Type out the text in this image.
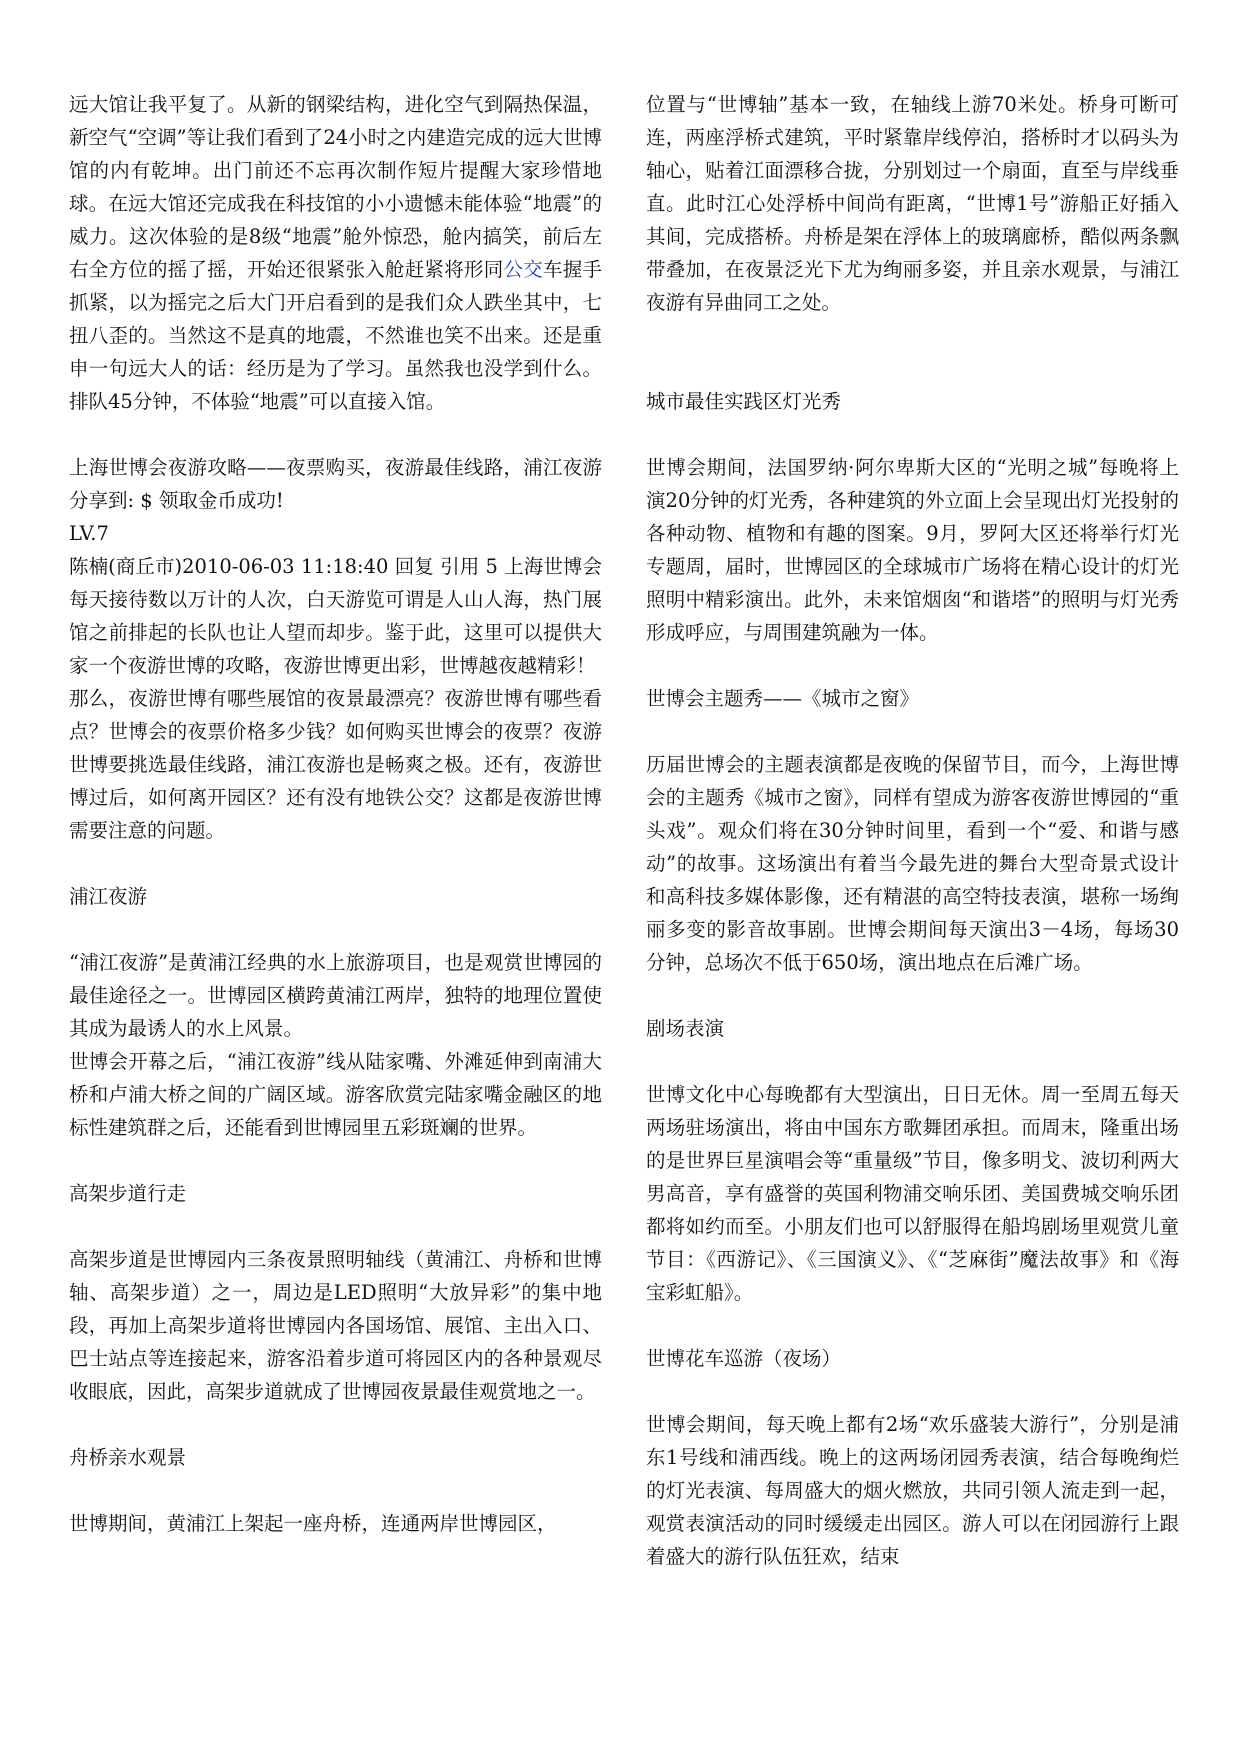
远大馆让我平复了。从新的钢梁结构，进化空气到隔热保温，新空气“空调”等让我们看到了24小时之内建造完成的远大世博馆的内有乾坤。出门前还不忘再次制作短片提醒大家珍惜地球。在远大馆还完成我在科技馆的小小遗憾未能体验“地震”的威力。这次体验的是8级“地震”舱外惊恐，舱内搞笑，前后左右全方位的摇了摇，开始还很紧张入舱赶紧将形同公交车握手抓紧，以为摇完之后大门开启看到的是我们众人跌坐其中，七扭八歪的。当然这不是真的地震，不然谁也笑不出来。还是重申一句远大人的话：经历是为了学习。虽然我也没学到什么。排队45分钟，不体验“地震”可以直接入馆。

上海世博会夜游攻略——夜票购买，夜游最佳线路，浦江夜游 分享到: $ 领取金币成功!

LV.7

陈楠(商丘市)2010-06-03 11:18:40 回复 引用 5 上海世博会每天接待数以万计的人次，白天游览可谓是人山人海，热门展馆之前排起的长队也让人望而却步。鉴于此，这里可以提供大家一个夜游世博的攻略，夜游世博更出彩，世博越夜越精彩！

那么，夜游世博有哪些展馆的夜景最漂亮？夜游世博有哪些看点？世博会的夜票价格多少钱？如何购买世博会的夜票？夜游世博要挑选最佳线路，浦江夜游也是畅爽之极。还有，夜游世博过后，如何离开园区？还有没有地铁公交？这都是夜游世博需要注意的问题。

浦江夜游

“浦江夜游”是黄浦江经典的水上旅游项目，也是观赏世博园的最佳途径之一。世博园区横跨黄浦江两岸，独特的地理位置使其成为最诱人的水上风景。

世博会开幕之后，“浦江夜游”线从陆家嘴、外滩延伸到南浦大桥和卢浦大桥之间的广阔区域。游客欣赏完陆家嘴金融区的地标性建筑群之后，还能看到世博园里五彩斑斓的世界。

高架步道行走

高架步道是世博园内三条夜景照明轴线（黄浦江、舟桥和世博轴、高架步道）之一，周边是LED照明“大放异彩”的集中地段，再加上高架步道将世博园内各国场馆、展馆、主出入口、巴士站点等连接起来，游客沿着步道可将园区内的各种景观尽收眼底，因此，高架步道就成了世博园夜景最佳观赏地之一。

舟桥亲水观景

世博期间，黄浦江上架起一座舟桥，连通两岸世博园区，

位置与“世博轴”基本一致，在轴线上游70米处。桥身可断可连，两座浮桥式建筑，平时紧靠岸线停泊，搭桥时才以码头为轴心，贴着江面漂移合拢，分别划过一个扇面，直至与岸线垂直。此时江心处浮桥中间尚有距离，“世博1号”游船正好插入其间，完成搭桥。舟桥是架在浮体上的玻璃廊桥，酷似两条飘带叠加，在夜景泛光下尤为绚丽多姿，并且亲水观景，与浦江夜游有异曲同工之处。

城市最佳实践区灯光秀

世博会期间，法国罗纳·阿尔卑斯大区的“光明之城”每晚将上演20分钟的灯光秀，各种建筑的外立面上会呈现出灯光投射的各种动物、植物和有趣的图案。9月，罗阿大区还将举行灯光专题周，届时，世博园区的全球城市广场将在精心设计的灯光照明中精彩演出。此外，未来馆烟囱“和谐塔”的照明与灯光秀形成呼应，与周围建筑融为一体。

世博会主题秀——《城市之窗》

历届世博会的主题表演都是夜晚的保留节目，而今，上海世博会的主题秀《城市之窗》，同样有望成为游客夜游世博园的“重头戏”。观众们将在30分钟时间里，看到一个“爱、和谐与感动”的故事。这场演出有着当今最先进的舞台大型奇景式设计和高科技多媒体影像，还有精湛的高空特技表演，堪称一场绚丽多变的影音故事剧。世博会期间每天演出3－4场，每场30分钟，总场次不低于650场，演出地点在后滩广场。

剧场表演

世博文化中心每晚都有大型演出，日日无休。周一至周五每天两场驻场演出，将由中国东方歌舞团承担。而周末，隆重出场的是世界巨星演唱会等“重量级”节目，像多明戈、波切利两大男高音，享有盛誉的英国利物浦交响乐团、美国费城交响乐团都将如约而至。小朋友们也可以舒服得在船坞剧场里观赏儿童节目：《西游记》、《三国演义》、《“芝麻街”魔法故事》和《海宝彩虹船》。

世博花车巡游（夜场）

世博会期间，每天晚上都有2场“欢乐盛装大游行”，分别是浦东1号线和浦西线。晚上的这两场闭园秀表演，结合每晚绚烂的灯光表演、每周盛大的烟火燃放，共同引领人流走到一起，观赏表演活动的同时缓缓走出园区。游人可以在闭园游行上跟着盛大的游行队伍狂欢，结束
